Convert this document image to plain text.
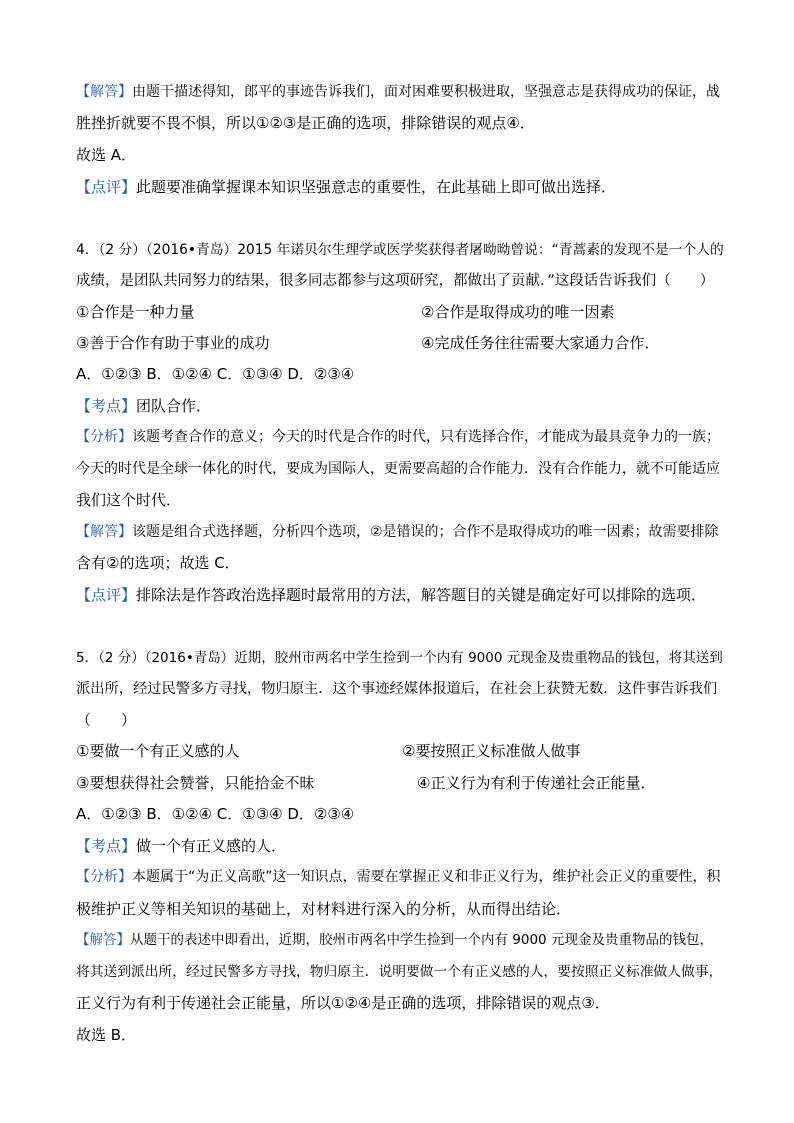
【解答】由题干描述得知，郎平的事迹告诉我们，面对困难要积极进取，坚强意志是获得成功的保证，战
胜挫折就要不畏不惧，所以①②③是正确的选项，排除错误的观点④．
故选 A．
【点评】此题要准确掌握课本知识坚强意志的重要性，在此基础上即可做出选择．
4．（2 分）（2016•青岛）2015 年诺贝尔生理学或医学奖获得者屠呦呦曾说：“青蒿素的发现不是一个人的
成绩，是团队共同努力的结果，很多同志都参与这项研究，都做出了贡献．”这段话告诉我们（　　）
①合作是一种力量	②合作是取得成功的唯一因素
③善于合作有助于事业的成功	④完成任务往往需要大家通力合作．
A．①②③ B．①②④ C．①③④ D．②③④
【考点】团队合作．
【分析】该题考查合作的意义；今天的时代是合作的时代，只有选择合作，才能成为最具竞争力的一族；
今天的时代是全球一体化的时代，要成为国际人，更需要高超的合作能力．没有合作能力，就不可能适应
我们这个时代．
【解答】该题是组合式选择题，分析四个选项，②是错误的；合作不是取得成功的唯一因素；故需要排除
含有②的选项；故选 C．
【点评】排除法是作答政治选择题时最常用的方法，解答题目的关键是确定好可以排除的选项．
5．（2 分）（2016•青岛）近期，胶州市两名中学生捡到一个内有 9000 元现金及贵重物品的钱包，将其送到
派出所，经过民警多方寻找，物归原主．这个事迹经媒体报道后，在社会上获赞无数．这件事告诉我们
（　　）
①要做一个有正义感的人	②要按照正义标准做人做事
③要想获得社会赞誉，只能拾金不昧	④正义行为有利于传递社会正能量．
A．①②③ B．①②④ C．①③④ D．②③④
【考点】做一个有正义感的人．
【分析】本题属于“为正义高歌”这一知识点，需要在掌握正义和非正义行为，维护社会正义的重要性，积
极维护正义等相关知识的基础上，对材料进行深入的分析，从而得出结论．
【解答】从题干的表述中即看出，近期，胶州市两名中学生捡到一个内有 9000 元现金及贵重物品的钱包，
将其送到派出所，经过民警多方寻找，物归原主．说明要做一个有正义感的人，要按照正义标准做人做事，
正义行为有利于传递社会正能量，所以①②④是正确的选项，排除错误的观点③．
故选 B．
